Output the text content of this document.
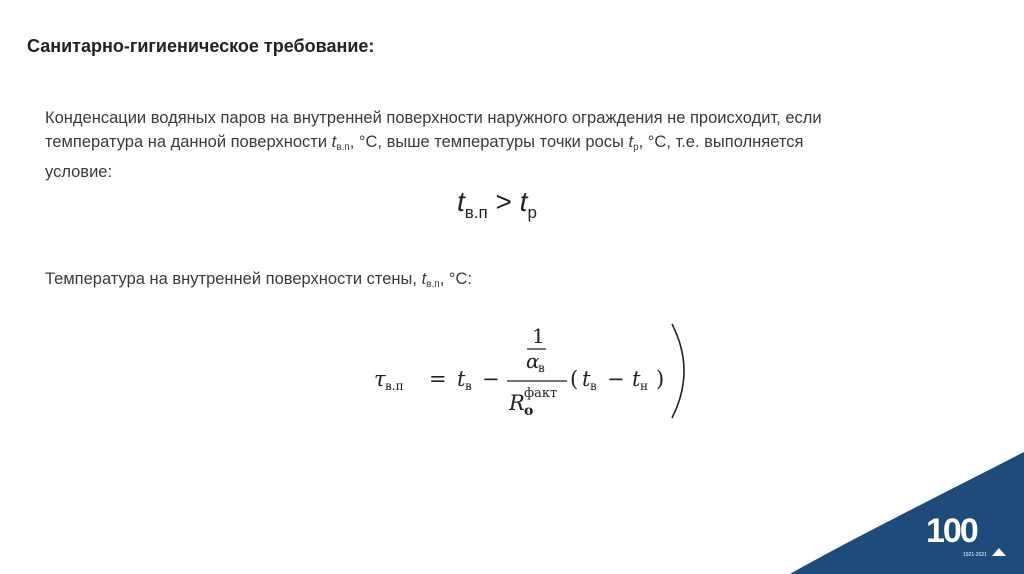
Санитарно-гигиеническое требование:
Конденсации водяных паров на внутренней поверхности наружного ограждения не происходит, если
температура на данной поверхности $t_{в.п}$, °С, выше температуры точки росы $t_р$, °С, т.е. выполняется
условие:
$t_{в.п} > t_р$
Температура на внутренней поверхности стены, $t_{в.п}$, °С:
τ в.п = t в −
1
α
в
R факт
о
( t в − t н )
100
1921-2021
